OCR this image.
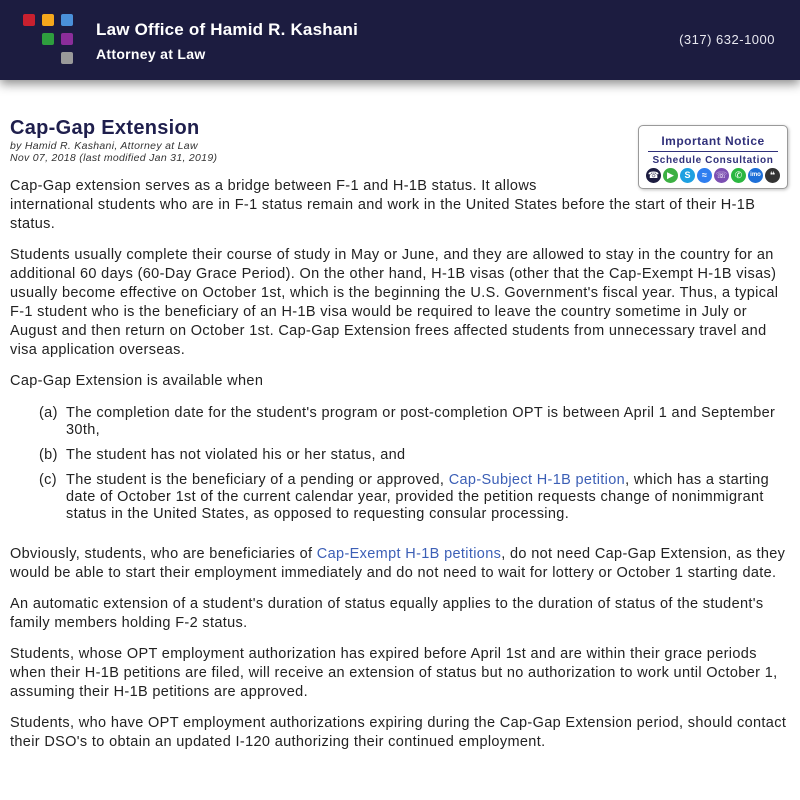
Law Office of Hamid R. Kashani
Attorney at Law
(317) 632-1000
Important Notice
Schedule Consultation
☎ ▶ S ≈ ☏ ✆ imo ❝
Cap-Gap Extension
by Hamid R. Kashani, Attorney at Law
Nov 07, 2018 (last modified Jan 31, 2019)

Cap-Gap extension serves as a bridge between F-1 and H-1B status. It allows
international students who are in F-1 status remain and work in the United States before the start of their H-1B status.

Students usually complete their course of study in May or June, and they are allowed to stay in the country for an additional 60 days (60-Day Grace Period). On the other hand, H-1B visas (other that the Cap-Exempt H-1B visas) usually become effective on October 1st, which is the beginning the U.S. Government's fiscal year. Thus, a typical F-1 student who is the beneficiary of an H-1B visa would be required to leave the country sometime in July or August and then return on October 1st. Cap-Gap Extension frees affected students from unnecessary travel and visa application overseas.

Cap-Gap Extension is available when

(a) The completion date for the student's program or post-completion OPT is between April 1 and September 30th,
(b) The student has not violated his or her status, and
(c) The student is the beneficiary of a pending or approved, Cap-Subject H-1B petition, which has a starting date of October 1st of the current calendar year, provided the petition requests change of nonimmigrant status in the United States, as opposed to requesting consular processing.

Obviously, students, who are beneficiaries of Cap-Exempt H-1B petitions, do not need Cap-Gap Extension, as they would be able to start their employment immediately and do not need to wait for lottery or October 1 starting date.

An automatic extension of a student's duration of status equally applies to the duration of status of the student's family members holding F-2 status.

Students, whose OPT employment authorization has expired before April 1st and are within their grace periods when their H-1B petitions are filed, will receive an extension of status but no authorization to work until October 1, assuming their H-1B petitions are approved.

Students, who have OPT employment authorizations expiring during the Cap-Gap Extension period, should contact their DSO's to obtain an updated I-120 authorizing their continued employment.
